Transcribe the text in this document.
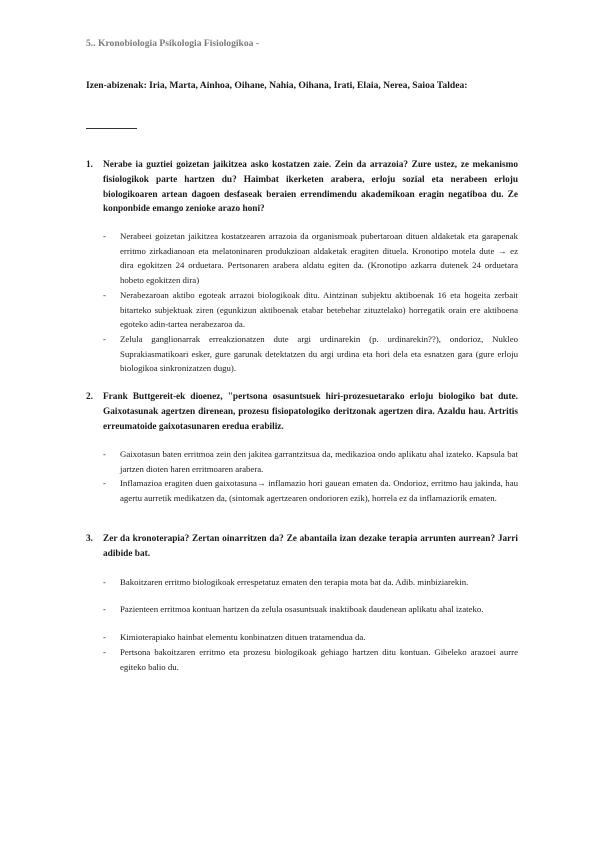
5.. Kronobiologia Psikologia Fisiologikoa -
Izen-abizenak: Iria, Marta, Ainhoa, Oihane, Nahia, Oihana, Irati, Elaia, Nerea, Saioa Taldea:
1. Nerabe ia guztiei goizetan jaikitzea asko kostatzen zaie. Zein da arrazoia? Zure ustez, ze mekanismo fisiologikok parte hartzen du? Haimbat ikerketen arabera, erloju sozial eta nerabeen erloju biologikoaren artean dagoen desfaseak beraien errendimendu akademikoan eragin negatiboa du. Ze konponbide emango zenioke arazo honi?
- Nerabeei goizetan jaikitzea kostatzearen arrazoia da organismoak pubertaroan dituen aldaketak eta garapenak erritmo zirkadianoan eta melatoninaren produkzioan aldaketak eragiten dituela. Kronotipo motela dute → ez dira egokitzen 24 orduetara. Pertsonaren arabera aldatu egiten da. (Kronotipo azkarra dutenek 24 orduetara hobeto egokitzen dira)
- Nerabezaroan aktibo egoteak arrazoi biologikoak ditu. Aintzinan subjektu aktiboenak 16 eta hogeita zerbait bitarteko subjektuak ziren (egunkizun aktiboenak etabar betebehar zituztelako) horregatik orain ere aktiboena egoteko adin-tartea nerabezaroa da.
- Zelula ganglionarrak erreakzionatzen dute argi urdinarekin (p. urdinarekin??), ondorioz, Nukleo Suprakiasmatikoari esker, gure garunak detektatzen du argi urdina eta hori dela eta esnatzen gara (gure erloju biologikoa sinkronizatzen dugu).
2. Frank Buttgereit-ek dioenez, "pertsona osasuntsuek hiri-prozesuetarako erloju biologiko bat dute. Gaixotasunak agertzen direnean, prozesu fisiopatologiko deritzonak agertzen dira. Azaldu hau. Artritis erreumatoide gaixotasunaren eredua erabiliz.
- Gaixotasun baten erritmoa zein den jakitea garrantzitsua da, medikazioa ondo aplikatu ahal izateko. Kapsula bat jartzen dioten haren erritmoaren arabera.
- Inflamazioa eragiten duen gaixotasuna→ inflamazio hori gauean ematen da. Ondorioz, erritmo hau jakinda, hau agertu aurretik medikatzen da, (sintomak agertzearen ondorioren ezik), horrela ez da inflamaziorik ematen.
3. Zer da kronoterapia? Zertan oinarritzen da? Ze abantaila izan dezake terapia arrunten aurrean? Jarri adibide bat.
- Bakoitzaren erritmo biologikoak errespetatuz ematen den terapia mota bat da. Adib. minbiziarekin.
- Pazienteen erritmoa kontuan hartzen da zelula osasuntsuak inaktiboak daudenean aplikatu ahal izateko.
- Kimioterapiako hainbat elementu konbinatzen dituen tratamendua da.
- Pertsona bakoitzaren erritmo eta prozesu biologikoak gehiago hartzen ditu kontuan. Gibeleko arazoei aurre egiteko balio du.
